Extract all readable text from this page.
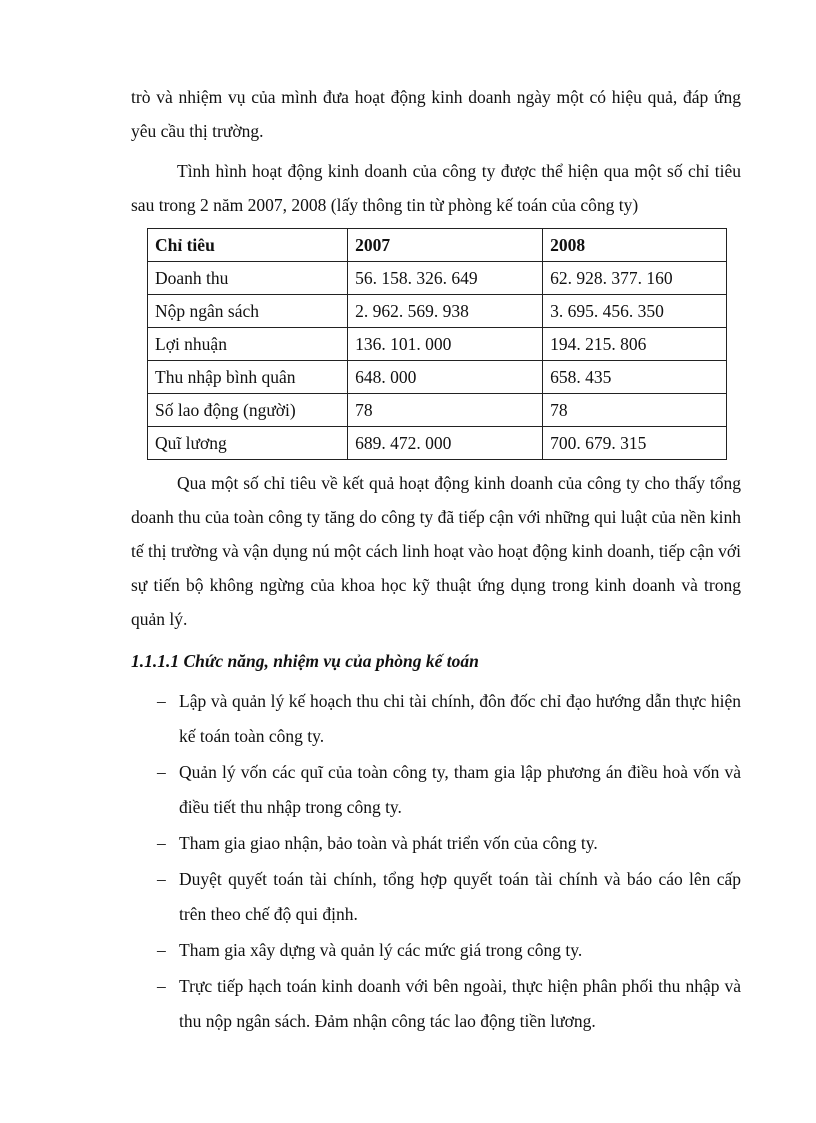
trò và nhiệm vụ của mình đưa hoạt động kinh doanh ngày một có hiệu quả, đáp ứng yêu cầu thị trường.

Tình hình hoạt động kinh doanh của công ty được thể hiện qua một số chỉ tiêu sau trong 2 năm 2007, 2008 (lấy thông tin từ phòng kế toán của công ty)

Chỉ tiêu	2007	2008
Doanh thu	56. 158. 326. 649	62. 928. 377. 160
Nộp ngân sách	2. 962. 569. 938	3. 695. 456. 350
Lợi nhuận	136. 101. 000	194. 215. 806
Thu nhập bình quân	648. 000	658. 435
Số lao động (người)	78	78
Quĩ lương	689. 472. 000	700. 679. 315

Qua một số chỉ tiêu về kết quả hoạt động kinh doanh của công ty cho thấy tổng doanh thu của toàn công ty tăng do công ty đã tiếp cận với những qui luật của nền kinh tế thị trường và vận dụng nú một cách linh hoạt vào hoạt động kinh doanh, tiếp cận với sự tiến bộ không ngừng của khoa học kỹ thuật ứng dụng trong kinh doanh và trong quản lý.

1.1.1.1 Chức năng, nhiệm vụ của phòng kế toán
– Lập và quản lý kế hoạch thu chi tài chính, đôn đốc chỉ đạo hướng dẫn thực hiện kế toán toàn công ty.
– Quản lý vốn các quĩ của toàn công ty, tham gia lập phương án điều hoà vốn và điều tiết thu nhập trong công ty.
– Tham gia giao nhận, bảo toàn và phát triển vốn của công ty.
– Duyệt quyết toán tài chính, tổng hợp quyết toán tài chính và báo cáo lên cấp trên theo chế độ qui định.
– Tham gia xây dựng và quản lý các mức giá trong công ty.
– Trực tiếp hạch toán kinh doanh với bên ngoài, thực hiện phân phối thu nhập và thu nộp ngân sách. Đảm nhận công tác lao động tiền lương.
